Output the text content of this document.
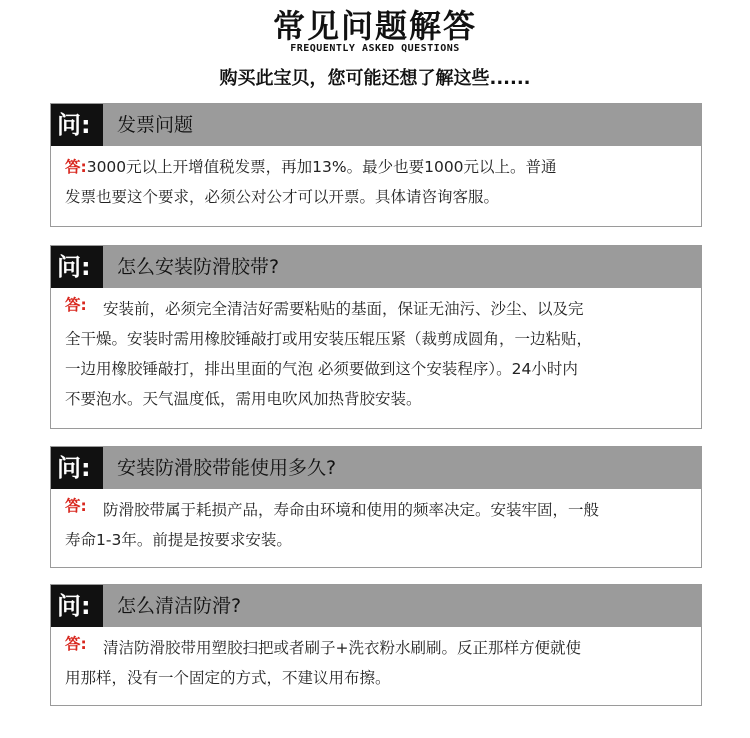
常见问题解答
FREQUENTLY ASKED QUESTIONS
购买此宝贝，您可能还想了解这些......
问:	发票问题
答:3000元以上开增值税发票，再加13%。最少也要1000元以上。普通
发票也要这个要求，必须公对公才可以开票。具体请咨询客服。
问:	怎么安装防滑胶带?
答:	安装前，必须完全清洁好需要粘贴的基面，保证无油污、沙尘、以及完
全干燥。安装时需用橡胶锤敲打或用安装压辊压紧（裁剪成圆角，一边粘贴，
一边用橡胶锤敲打，排出里面的气泡 必须要做到这个安装程序）。24小时内
不要泡水。天气温度低，需用电吹风加热背胶安装。
问:	安装防滑胶带能使用多久?
答:	防滑胶带属于耗损产品，寿命由环境和使用的频率决定。安装牢固，一般
寿命1-3年。前提是按要求安装。
问:	怎么清洁防滑?
答:	清洁防滑胶带用塑胶扫把或者刷子+洗衣粉水刷刷。反正那样方便就使
用那样，没有一个固定的方式，不建议用布擦。
